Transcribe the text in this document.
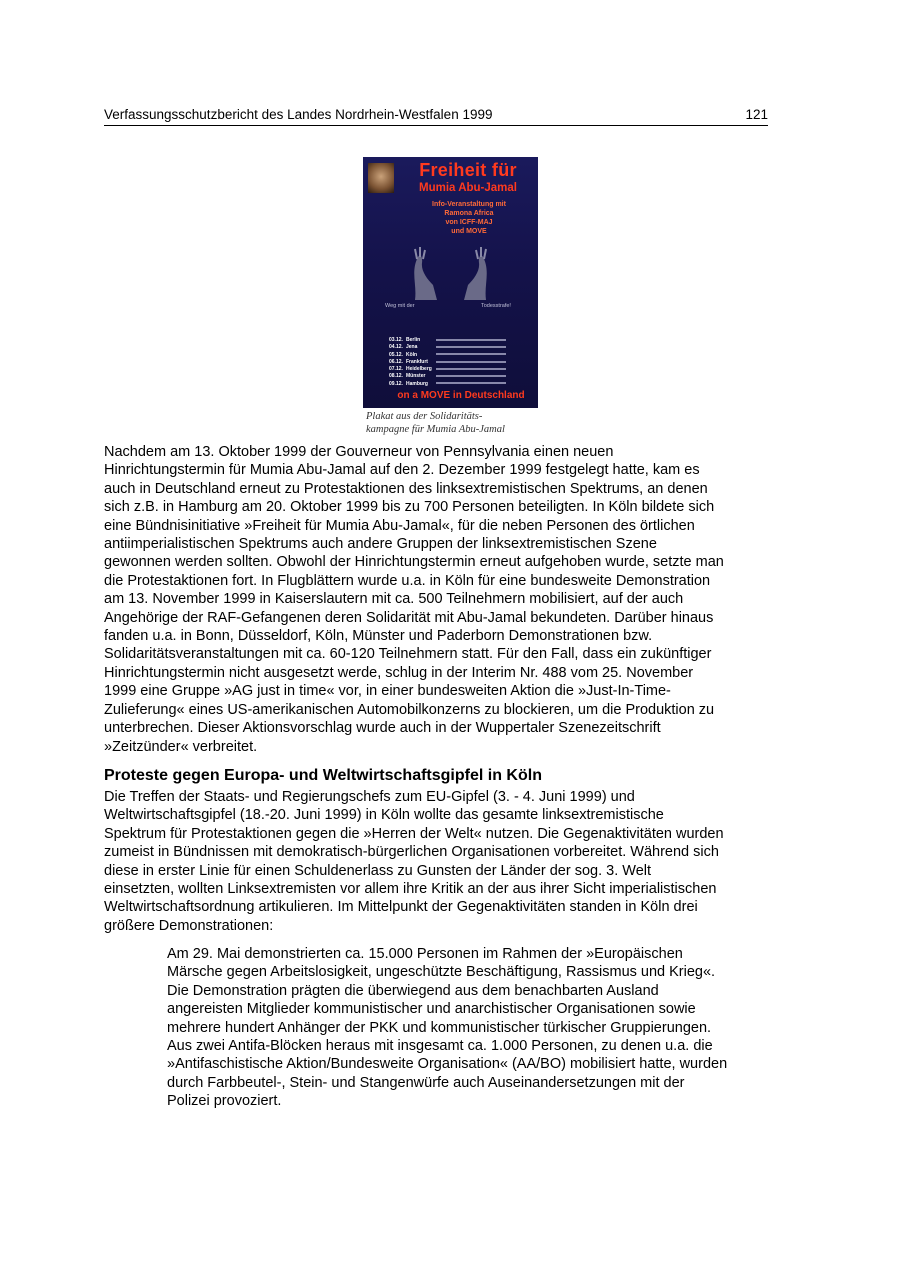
Verfassungsschutzbericht des Landes Nordrhein-Westfalen 1999	121
Freiheit für
Mumia Abu-Jamal
Info-Veranstaltung mit
Ramona Africa
von ICFF-MAJ
und MOVE
Weg mit der	Todesstrafe!
03.12. Berlin
04.12. Jena
05.12. Köln
06.12. Frankfurt
07.12. Heidelberg
08.12. Münster
09.12. Hamburg
on a MOVE in Deutschland
Plakat aus der Solidaritäts-
kampagne für Mumia Abu-Jamal
Nachdem am 13. Oktober 1999 der Gouverneur von Pennsylvania einen neuen
Hinrichtungstermin für Mumia Abu-Jamal auf den 2. Dezember 1999 festgelegt hatte, kam es
auch in Deutschland erneut zu Protestaktionen des linksextremistischen Spektrums, an denen
sich z.B. in Hamburg am 20. Oktober 1999 bis zu 700 Personen beteiligten. In Köln bildete sich
eine Bündnisinitiative »Freiheit für Mumia Abu-Jamal«, für die neben Personen des örtlichen
antiimperialistischen Spektrums auch andere Gruppen der linksextremistischen Szene
gewonnen werden sollten. Obwohl der Hinrichtungstermin erneut aufgehoben wurde, setzte man
die Protestaktionen fort. In Flugblättern wurde u.a. in Köln für eine bundesweite Demonstration
am 13. November 1999 in Kaiserslautern mit ca. 500 Teilnehmern mobilisiert, auf der auch
Angehörige der RAF-Gefangenen deren Solidarität mit Abu-Jamal bekundeten. Darüber hinaus
fanden u.a. in Bonn, Düsseldorf, Köln, Münster und Paderborn Demonstrationen bzw.
Solidaritätsveranstaltungen mit ca. 60-120 Teilnehmern statt. Für den Fall, dass ein zukünftiger
Hinrichtungstermin nicht ausgesetzt werde, schlug in der Interim Nr. 488 vom 25. November
1999 eine Gruppe »AG just in time« vor, in einer bundesweiten Aktion die »Just-In-Time-
Zulieferung« eines US-amerikanischen Automobilkonzerns zu blockieren, um die Produktion zu
unterbrechen. Dieser Aktionsvorschlag wurde auch in der Wuppertaler Szenezeitschrift
»Zeitzünder« verbreitet.
Proteste gegen Europa- und Weltwirtschaftsgipfel in Köln
Die Treffen der Staats- und Regierungschefs zum EU-Gipfel (3. - 4. Juni 1999) und
Weltwirtschaftsgipfel (18.-20. Juni 1999) in Köln wollte das gesamte linksextremistische
Spektrum für Protestaktionen gegen die »Herren der Welt« nutzen. Die Gegenaktivitäten wurden
zumeist in Bündnissen mit demokratisch-bürgerlichen Organisationen vorbereitet. Während sich
diese in erster Linie für einen Schuldenerlass zu Gunsten der Länder der sog. 3. Welt
einsetzten, wollten Linksextremisten vor allem ihre Kritik an der aus ihrer Sicht imperialistischen
Weltwirtschaftsordnung artikulieren. Im Mittelpunkt der Gegenaktivitäten standen in Köln drei
größere Demonstrationen:
Am 29. Mai demonstrierten ca. 15.000 Personen im Rahmen der »Europäischen
Märsche gegen Arbeitslosigkeit, ungeschützte Beschäftigung, Rassismus und Krieg«.
Die Demonstration prägten die überwiegend aus dem benachbarten Ausland
angereisten Mitglieder kommunistischer und anarchistischer Organisationen sowie
mehrere hundert Anhänger der PKK und kommunistischer türkischer Gruppierungen.
Aus zwei Antifa-Blöcken heraus mit insgesamt ca. 1.000 Personen, zu denen u.a. die
»Antifaschistische Aktion/Bundesweite Organisation« (AA/BO) mobilisiert hatte, wurden
durch Farbbeutel-, Stein- und Stangenwürfe auch Auseinandersetzungen mit der
Polizei provoziert.
